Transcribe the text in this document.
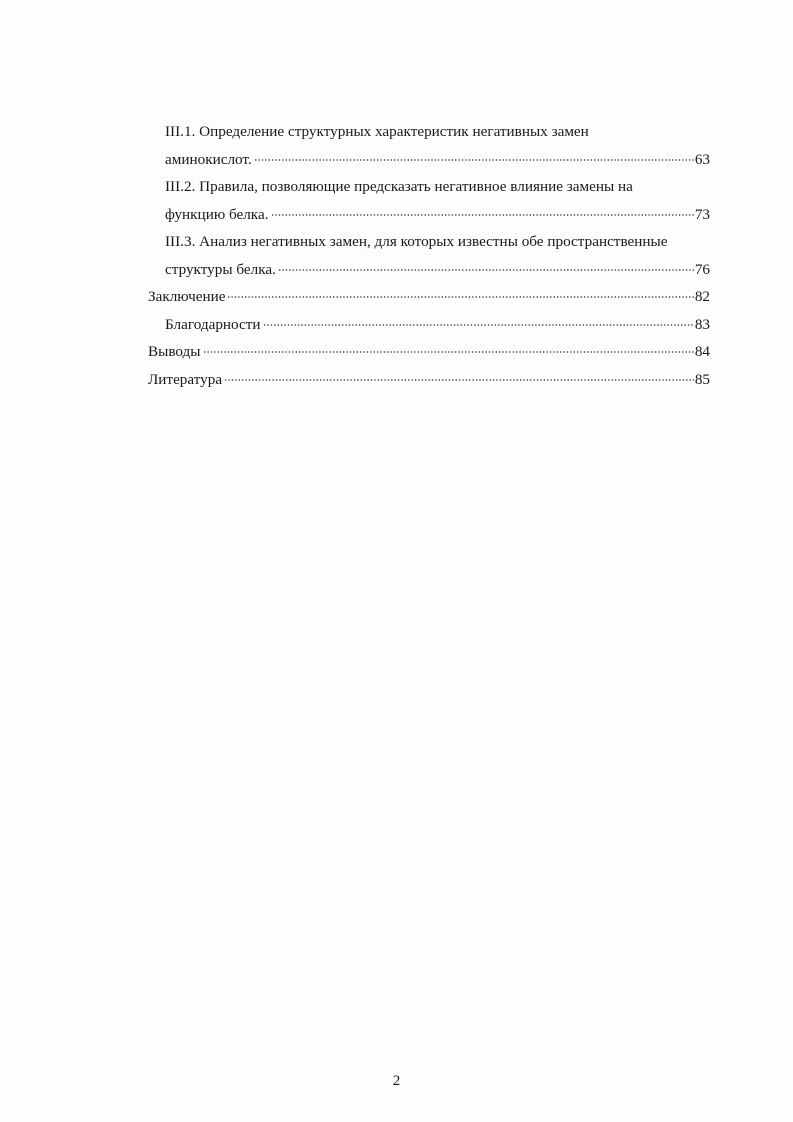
III.1. Определение структурных характеристик негативных замен
аминокислот.	63
III.2. Правила, позволяющие предсказать негативное влияние замены на
функцию белка.	73
III.3. Анализ негативных замен, для которых известны обе пространственные
структуры белка.	76
Заключение	82
Благодарности	83
Выводы	84
Литература	85
2
